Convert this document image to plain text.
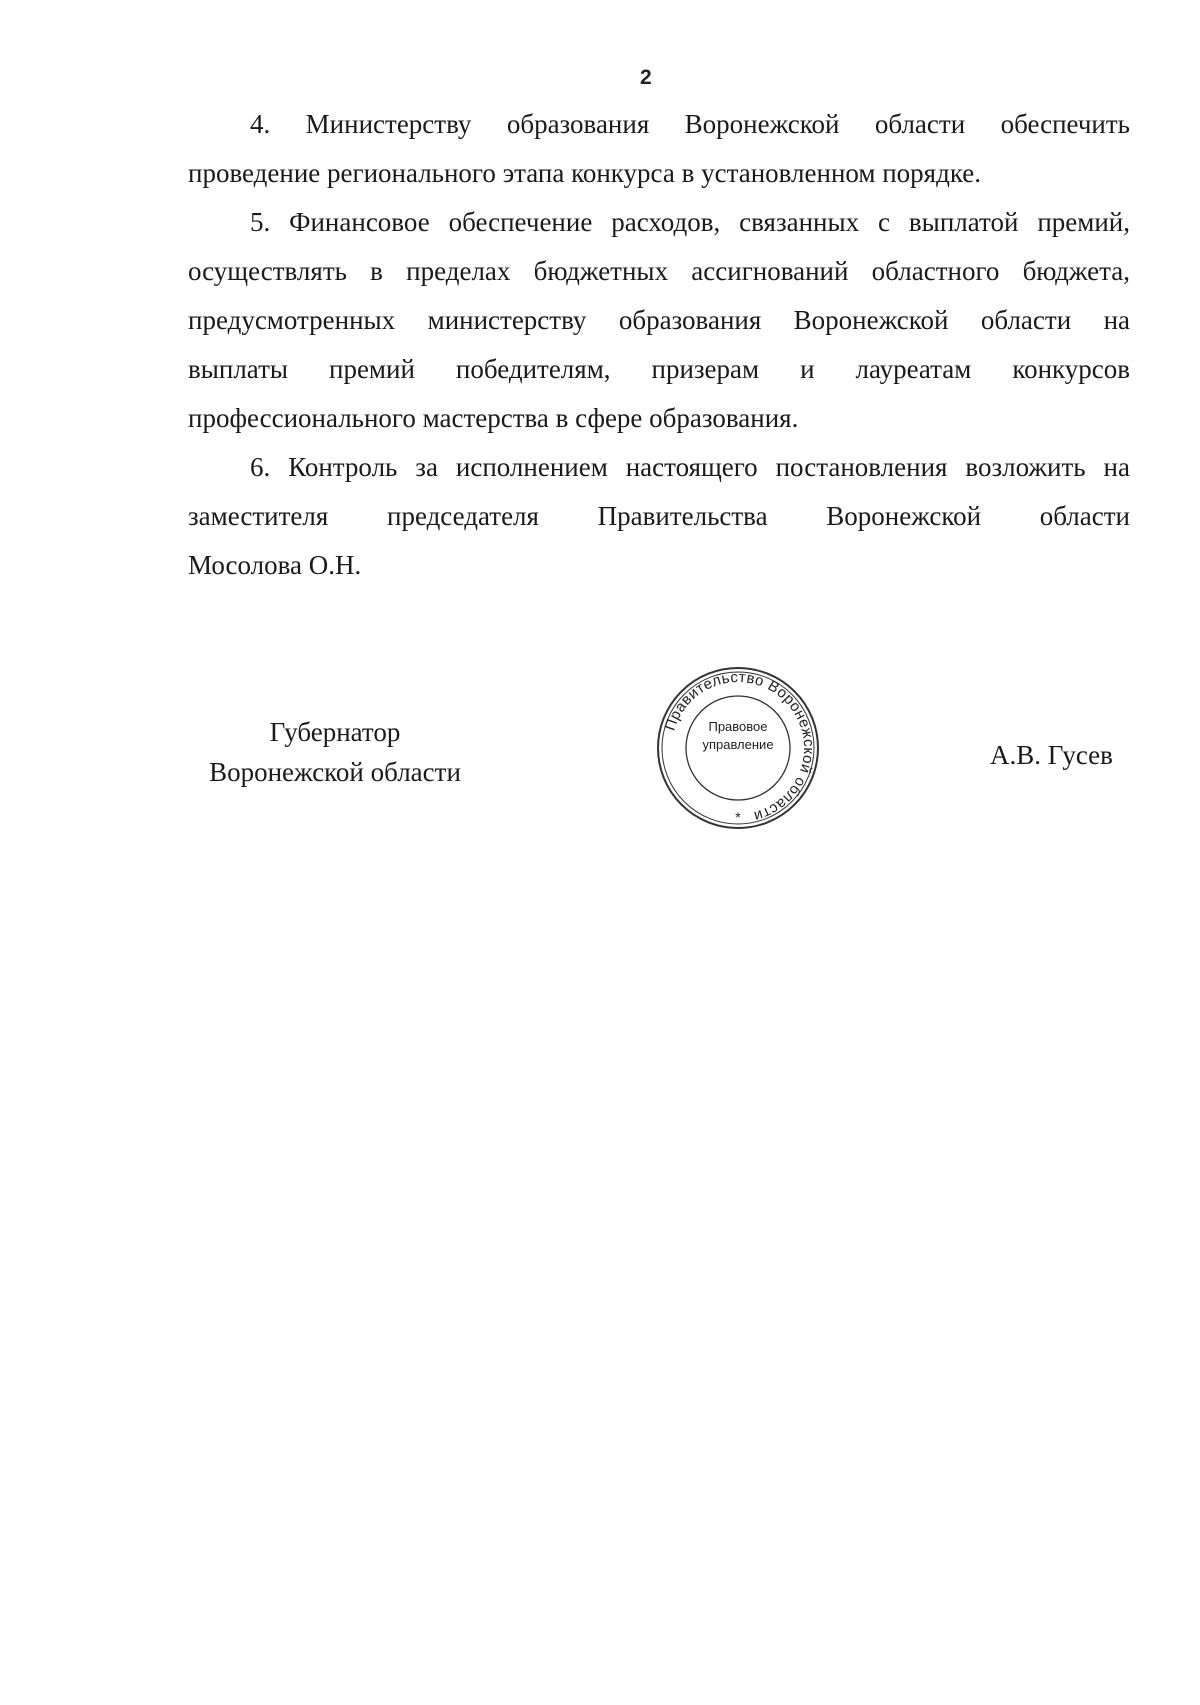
2
4. Министерству образования Воронежской области обеспечить
проведение регионального этапа конкурса в установленном порядке.
5. Финансовое обеспечение расходов, связанных с выплатой премий,
осуществлять в пределах бюджетных ассигнований областного бюджета,
предусмотренных министерству образования Воронежской области на
выплаты премий победителям, призерам и лауреатам конкурсов
профессионального мастерства в сфере образования.
6. Контроль за исполнением настоящего постановления возложить на
заместителя председателя Правительства Воронежской области
Мосолова О.Н.
Губернатор
Воронежской области
Правительство Воронежской области
*
Правовое
управление	А.В. Гусев
